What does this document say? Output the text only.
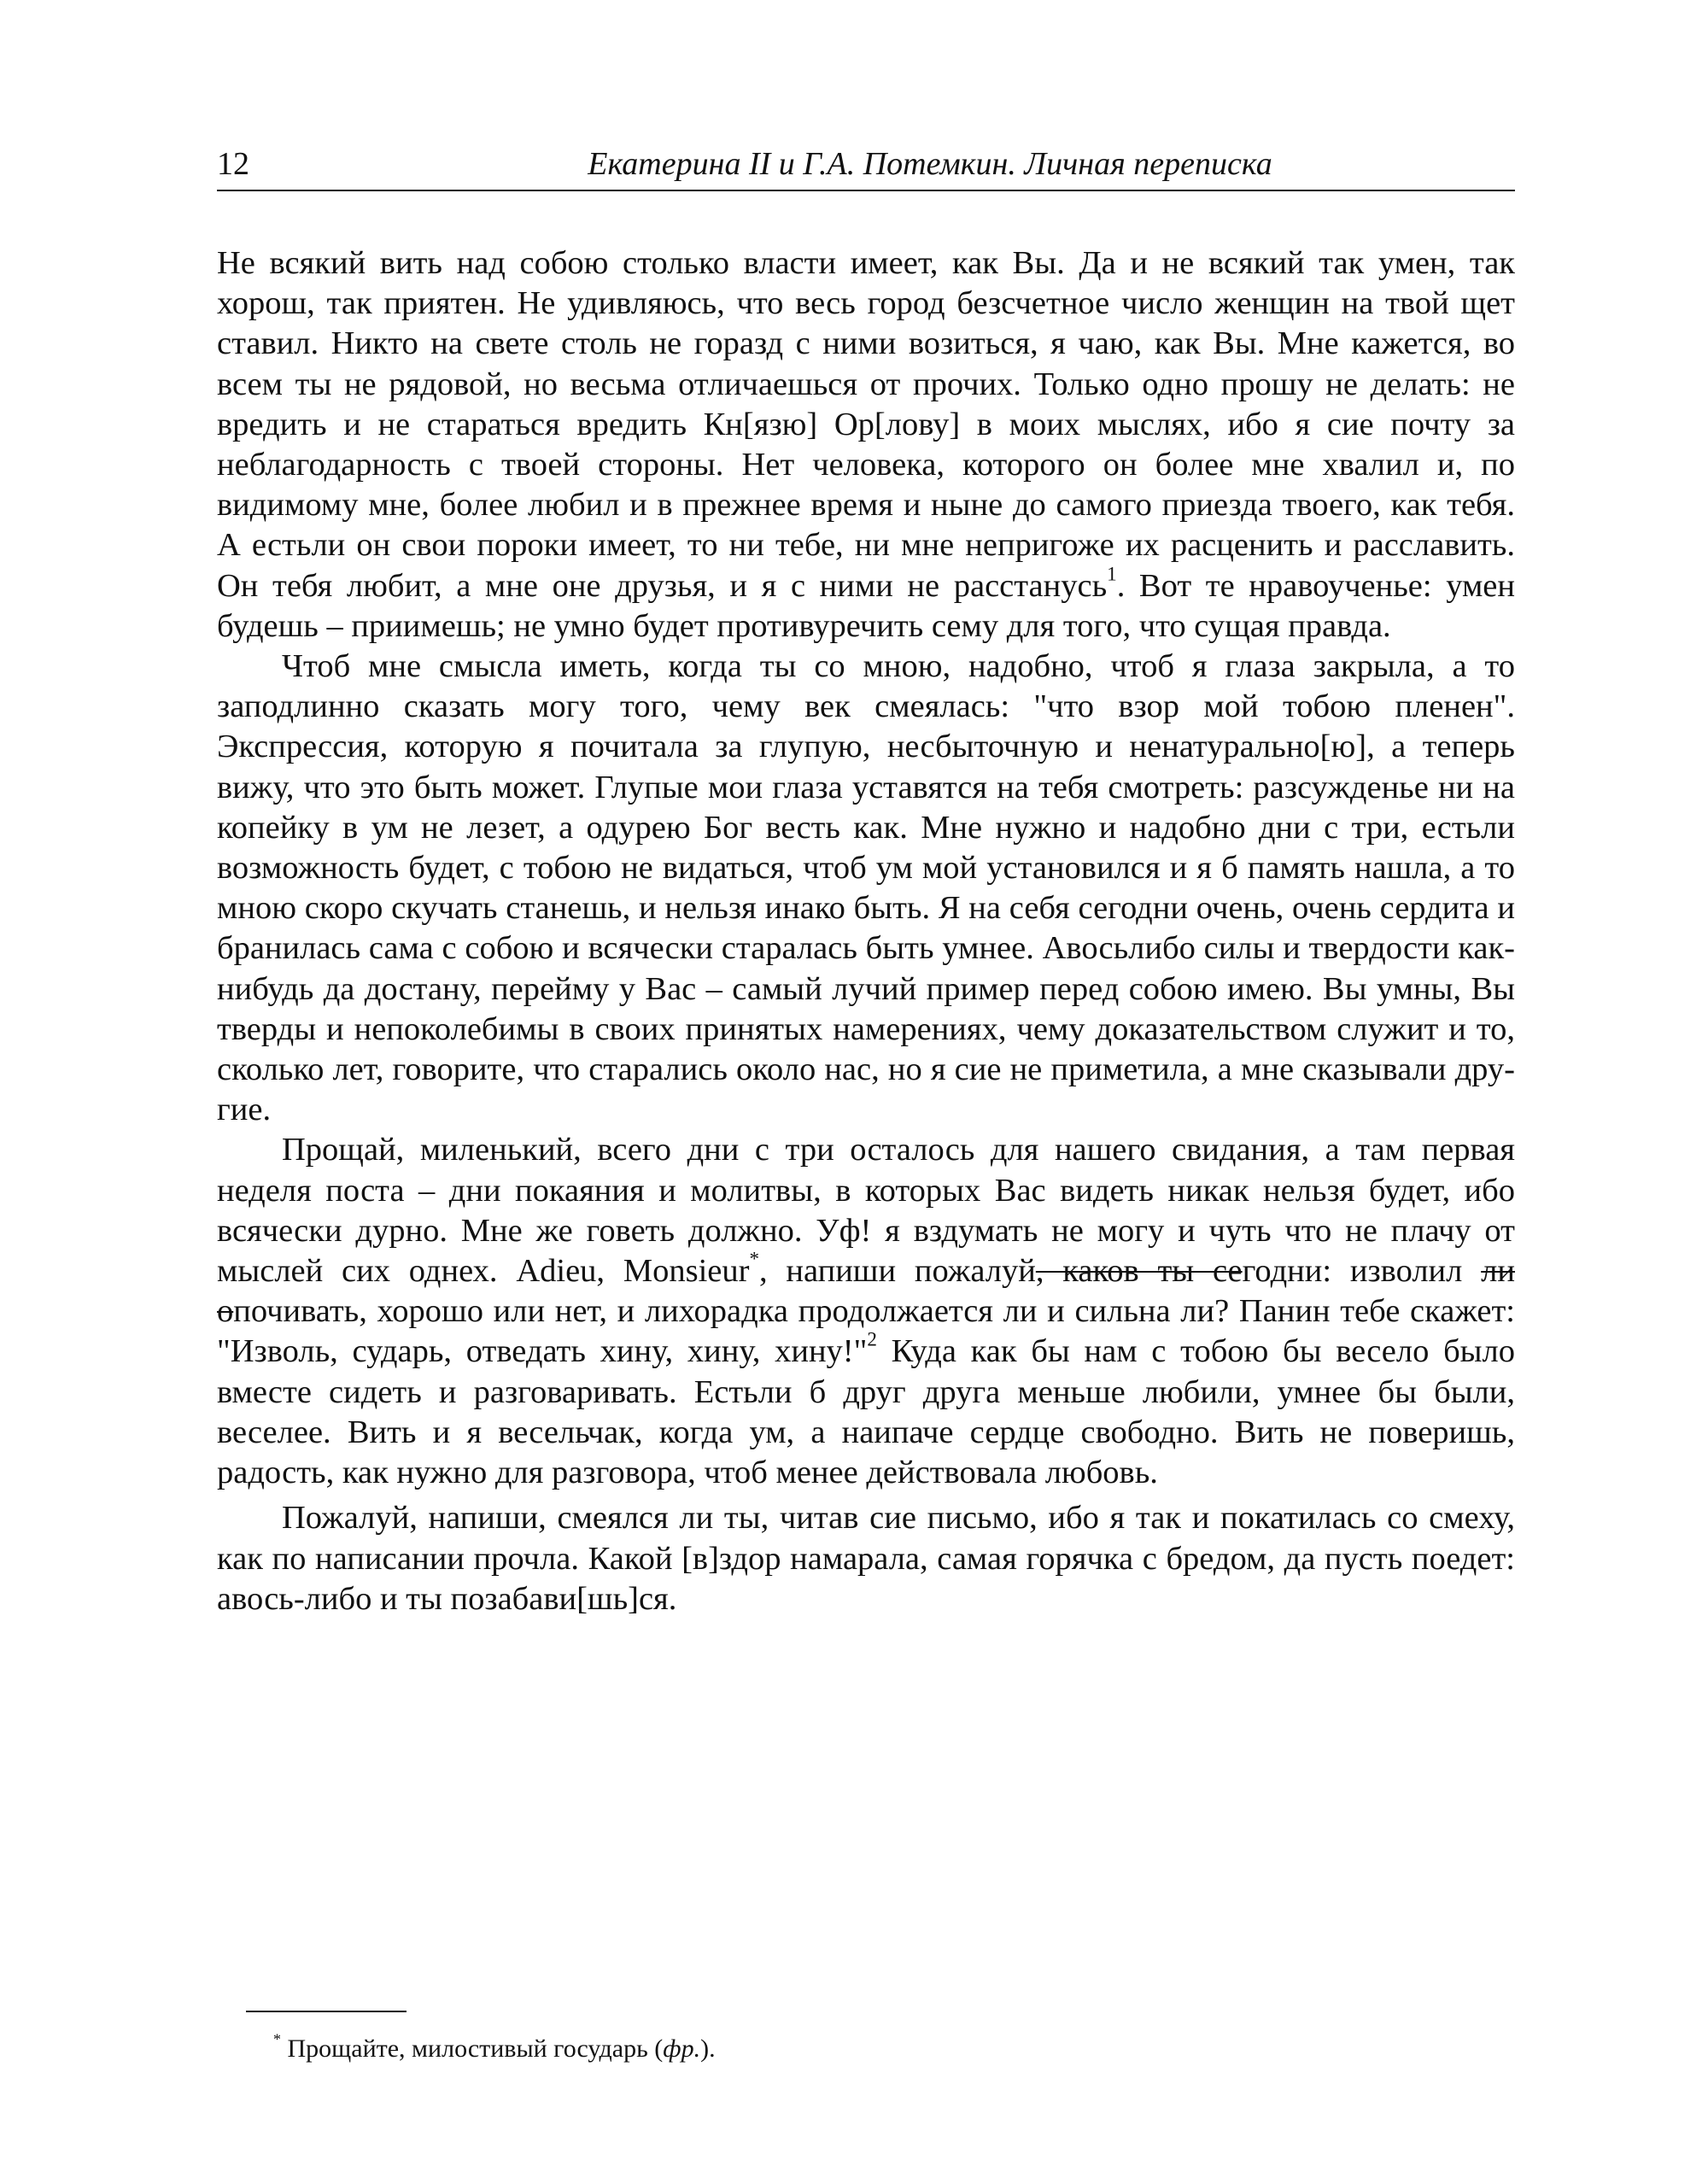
12	Екатерина II и Г.А. Потемкин. Личная переписка

Не всякий вить над собою столько власти имеет, как Вы. Да и не всякий так умен, так хорош, так приятен. Не удивляюсь, что весь город безсчетное число женщин на твой щет ставил. Никто на свете столь не горазд с ними возиться, я чаю, как Вы. Мне кажется, во всем ты не рядовой, но весьма отличаешься от прочих. Только одно прошу не делать: не вредить и не стараться вредить Кн[язю] Ор[лову] в моих мыслях, ибо я сие почту за неблагодарность с твоей стороны. Нет человека, которого он более мне хвалил и, по видимому мне, более любил и в прежнее время и ныне до самого приезда твоего, как тебя. А естьли он свои пороки имеет, то ни тебе, ни мне непригоже их расценить и расславить. Он тебя любит, а мне оне друзья, и я с ними не расстанусь$^1$. Вот те нравоученье: умен будешь – приимешь; не умно будет противуречить сему для того, что сущая правда.

Чтоб мне смысла иметь, когда ты со мною, надобно, чтоб я глаза закрыла, а то заподлинно сказать могу того, чему век смеялась: "что взор мой тобою пленен". Экспрессия, которую я почитала за глупую, несбыточную и ненатурально[ю], а теперь вижу, что это быть может. Глупые мои глаза уставятся на тебя смотреть: разсужденье ни на копейку в ум не лезет, а одурею Бог весть как. Мне нужно и надобно дни с три, естьли возможность будет, с тобою не видаться, чтоб ум мой установился и я б память нашла, а то мною скоро скучать станешь, и нельзя инако быть. Я на себя сегодни очень, очень сердита и бранилась сама с собою и всячески старалась быть умнее. Авосьлибо силы и твердости как-нибудь да достану, перейму у Вас – самый лучий пример перед собою имею. Вы умны, Вы тверды и непоколебимы в своих принятых намерениях, чему доказательством служит и то, сколько лет, говорите, что старались около нас, но я сие не приметила, а мне сказывали другие.

Прощай, миленький, всего дни с три осталось для нашего свидания, а там первая неделя поста – дни покаяния и молитвы, в которых Вас видеть никак нельзя будет, ибо всячески дурно. Мне же говеть должно. Уф! я вздумать не могу и чуть что не плачу от мыслей сих однех. Adieu, Monsieur*, напиши пожалуй, каков ты сегодни: изволил ли опочивать, хорошо или нет, и лихорадка продолжается ли и сильна ли? Панин тебе скажет: "Изволь, сударь, отведать хину, хину, хину!"$^2$ Куда как бы нам с тобою бы весело было вместе сидеть и разговаривать. Естьли б друг друга меньше любили, умнее бы были, веселее. Вить и я весельчак, когда ум, а наипаче сердце свободно. Вить не поверишь, радость, как нужно для разговора, чтоб менее действовала любовь.

Пожалуй, напиши, смеялся ли ты, читав сие письмо, ибо я так и покатилась со смеху, как по написании прочла. Какой [в]здор намарала, самая горячка с бредом, да пусть поедет: авось-либо и ты позабави[шь]ся.

* Прощайте, милостивый государь (фр.).
